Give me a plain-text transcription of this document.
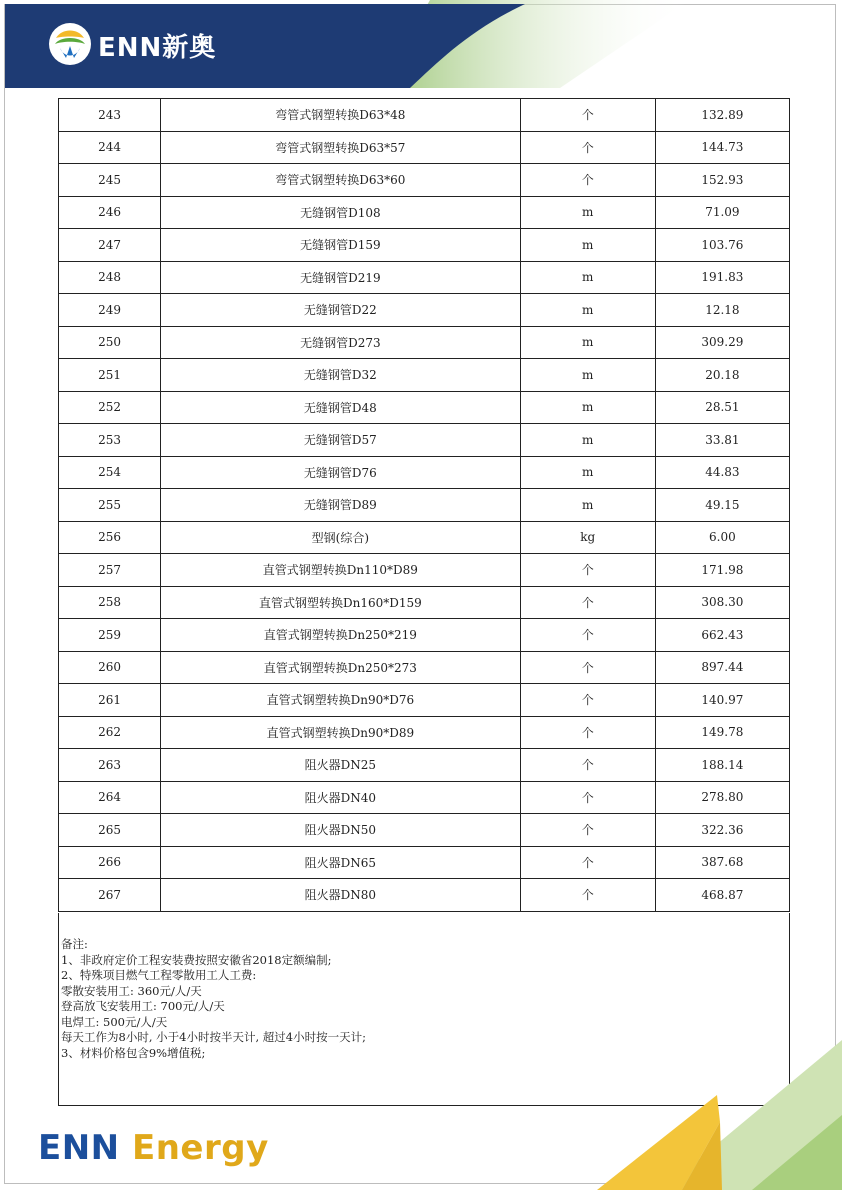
ENN新奥
243	弯管式钢塑转换D63*48	个	132.89
244	弯管式钢塑转换D63*57	个	144.73
245	弯管式钢塑转换D63*60	个	152.93
246	无缝钢管D108	m	71.09
247	无缝钢管D159	m	103.76
248	无缝钢管D219	m	191.83
249	无缝钢管D22	m	12.18
250	无缝钢管D273	m	309.29
251	无缝钢管D32	m	20.18
252	无缝钢管D48	m	28.51
253	无缝钢管D57	m	33.81
254	无缝钢管D76	m	44.83
255	无缝钢管D89	m	49.15
256	型钢(综合)	kg	6.00
257	直管式钢塑转换Dn110*D89	个	171.98
258	直管式钢塑转换Dn160*D159	个	308.30
259	直管式钢塑转换Dn250*219	个	662.43
260	直管式钢塑转换Dn250*273	个	897.44
261	直管式钢塑转换Dn90*D76	个	140.97
262	直管式钢塑转换Dn90*D89	个	149.78
263	阻火器DN25	个	188.14
264	阻火器DN40	个	278.80
265	阻火器DN50	个	322.36
266	阻火器DN65	个	387.68
267	阻火器DN80	个	468.87
备注:
1、非政府定价工程安装费按照安徽省2018定额编制;
2、特殊项目燃气工程零散用工人工费:
零散安装用工: 360元/人/天
登高放飞安装用工: 700元/人/天
电焊工: 500元/人/天
每天工作为8小时, 小于4小时按半天计, 超过4小时按一天计;
3、材料价格包含9%增值税;
ENN Energy
